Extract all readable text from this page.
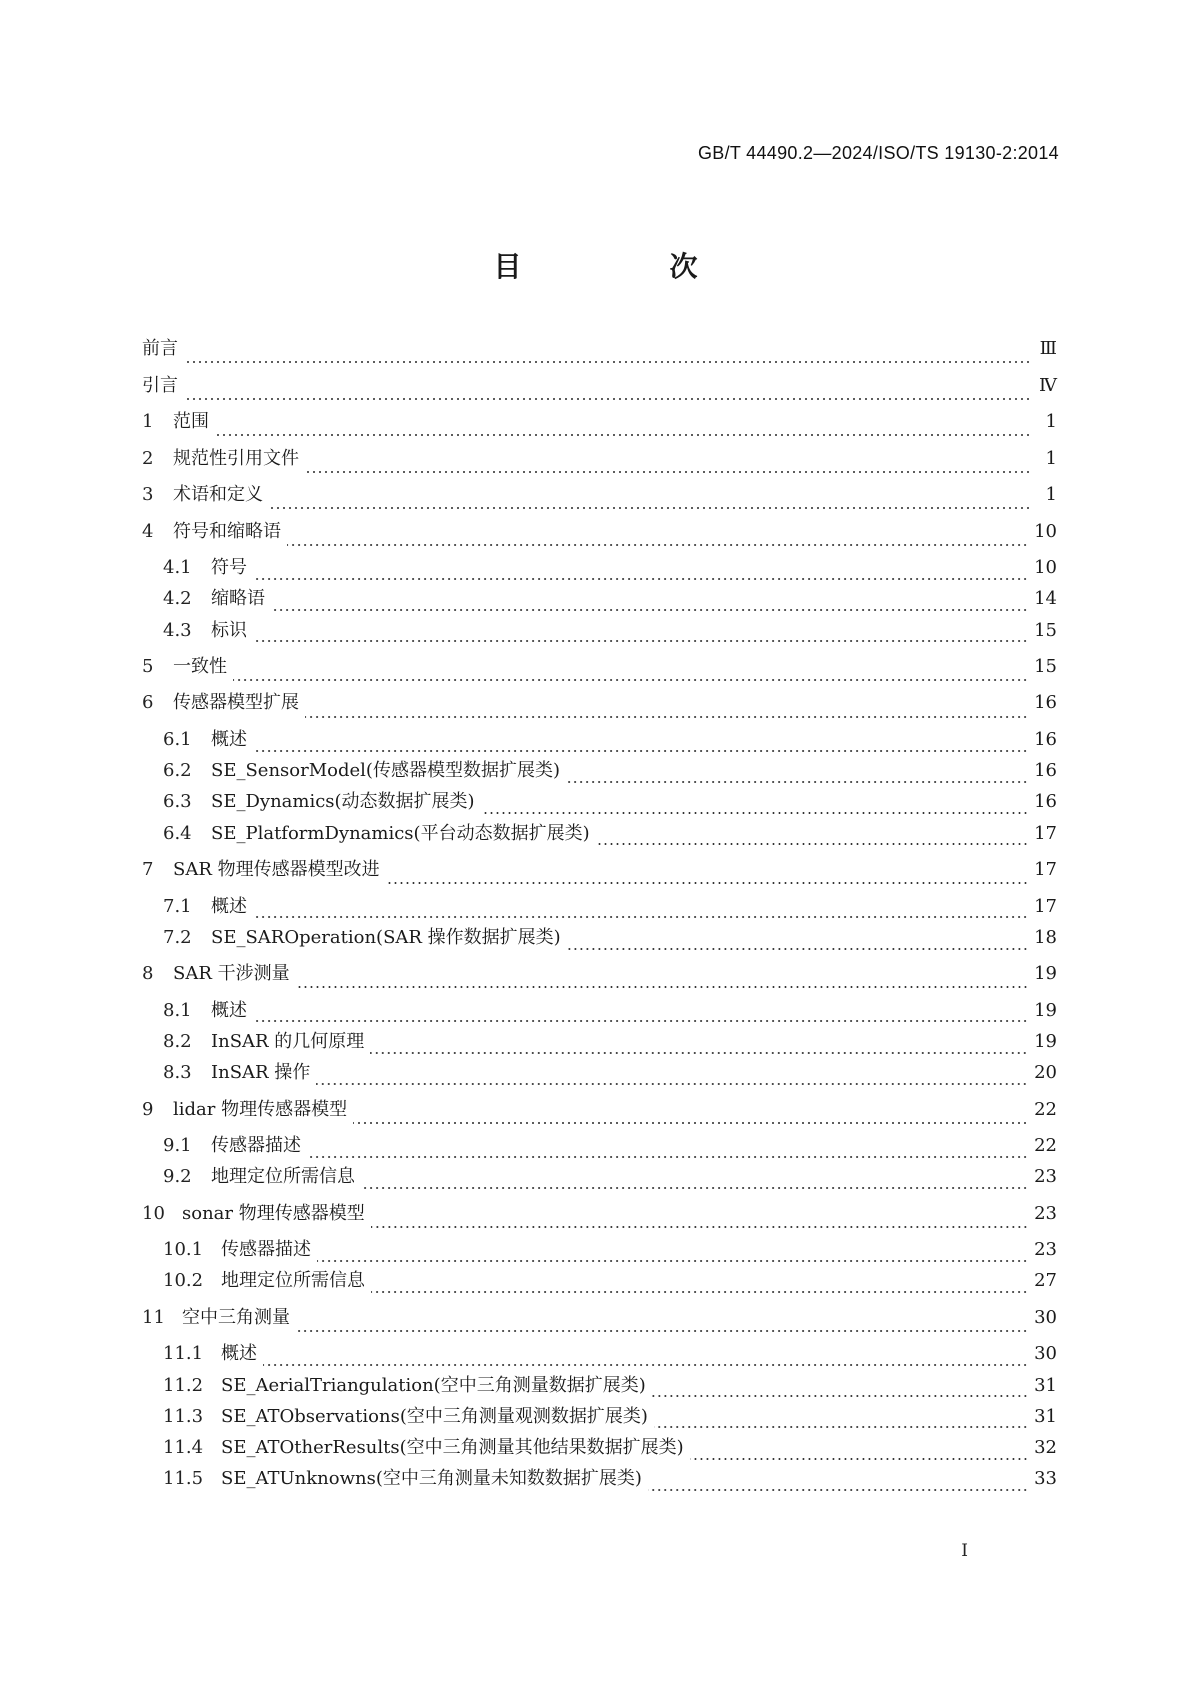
GB/T 44490.2—2024/ISO/TS 19130-2:2014
目　次
前言	Ⅲ
引言	Ⅳ
1	范围	1
2	规范性引用文件	1
3	术语和定义	1
4	符号和缩略语	10
4.1	符号	10
4.2	缩略语	14
4.3	标识	15
5	一致性	15
6	传感器模型扩展	16
6.1	概述	16
6.2	SE_SensorModel(传感器模型数据扩展类)	16
6.3	SE_Dynamics(动态数据扩展类)	16
6.4	SE_PlatformDynamics(平台动态数据扩展类)	17
7	SAR 物理传感器模型改进	17
7.1	概述	17
7.2	SE_SAROperation(SAR 操作数据扩展类)	18
8	SAR 干涉测量	19
8.1	概述	19
8.2	InSAR 的几何原理	19
8.3	InSAR 操作	20
9	lidar 物理传感器模型	22
9.1	传感器描述	22
9.2	地理定位所需信息	23
10 sonar 物理传感器模型	23
10.1 传感器描述	23
10.2 地理定位所需信息	27
11 空中三角测量	30
11.1 概述	30
11.2 SE_AerialTriangulation(空中三角测量数据扩展类)	31
11.3 SE_ATObservations(空中三角测量观测数据扩展类)	31
11.4 SE_ATOtherResults(空中三角测量其他结果数据扩展类)	32
11.5 SE_ATUnknowns(空中三角测量未知数数据扩展类)	33
I
